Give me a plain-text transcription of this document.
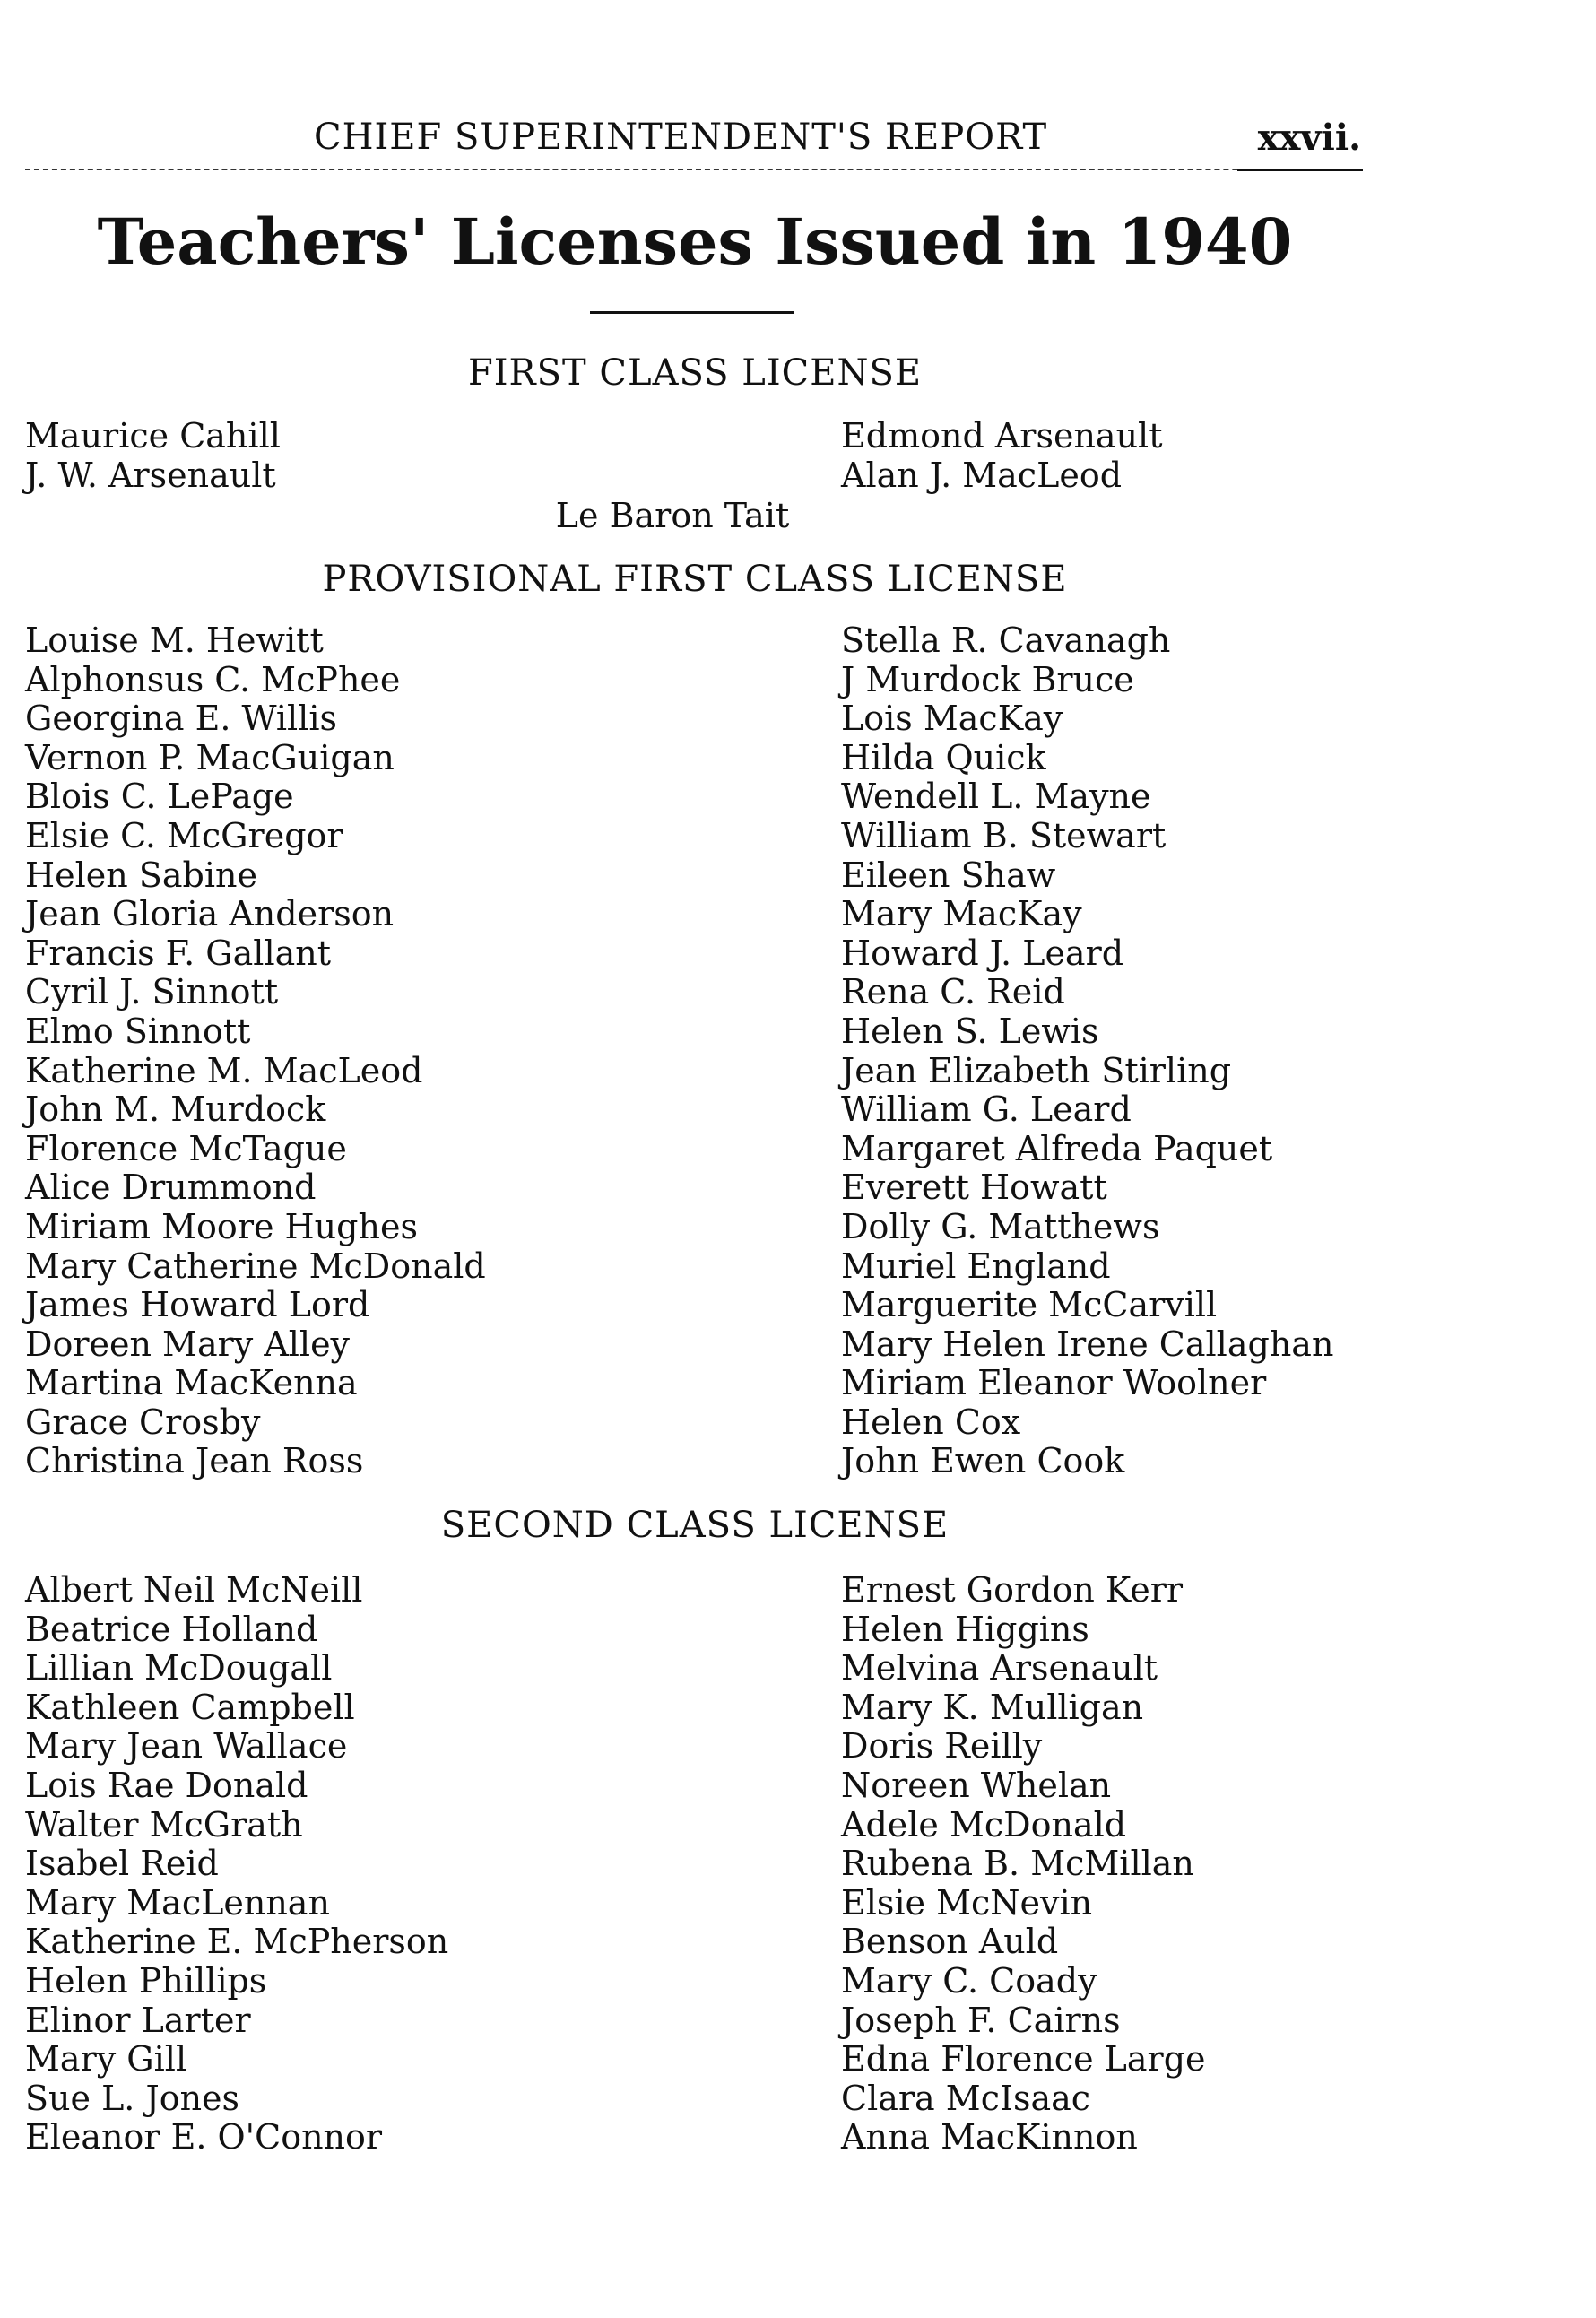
CHIEF SUPERINTENDENT'S REPORT	xxvii.
Teachers' Licenses Issued in 1940
FIRST CLASS LICENSE
Maurice Cahill
J. W. Arsenault
Edmond Arsenault
Alan J. MacLeod
Le Baron Tait
PROVISIONAL FIRST CLASS LICENSE
Louise M. Hewitt
Alphonsus C. McPhee
Georgina E. Willis
Vernon P. MacGuigan
Blois C. LePage
Elsie C. McGregor
Helen Sabine
Jean Gloria Anderson
Francis F. Gallant
Cyril J. Sinnott
Elmo Sinnott
Katherine M. MacLeod
John M. Murdock
Florence McTague
Alice Drummond
Miriam Moore Hughes
Mary Catherine McDonald
James Howard Lord
Doreen Mary Alley
Martina MacKenna
Grace Crosby
Christina Jean Ross
Stella R. Cavanagh
J Murdock Bruce
Lois MacKay
Hilda Quick
Wendell L. Mayne
William B. Stewart
Eileen Shaw
Mary MacKay
Howard J. Leard
Rena C. Reid
Helen S. Lewis
Jean Elizabeth Stirling
William G. Leard
Margaret Alfreda Paquet
Everett Howatt
Dolly G. Matthews
Muriel England
Marguerite McCarvill
Mary Helen Irene Callaghan
Miriam Eleanor Woolner
Helen Cox
John Ewen Cook
SECOND CLASS LICENSE
Albert Neil McNeill
Beatrice Holland
Lillian McDougall
Kathleen Campbell
Mary Jean Wallace
Lois Rae Donald
Walter McGrath
Isabel Reid
Mary MacLennan
Katherine E. McPherson
Helen Phillips
Elinor Larter
Mary Gill
Sue L. Jones
Eleanor E. O'Connor
Ernest Gordon Kerr
Helen Higgins
Melvina Arsenault
Mary K. Mulligan
Doris Reilly
Noreen Whelan
Adele McDonald
Rubena B. McMillan
Elsie McNevin
Benson Auld
Mary C. Coady
Joseph F. Cairns
Edna Florence Large
Clara McIsaac
Anna MacKinnon
